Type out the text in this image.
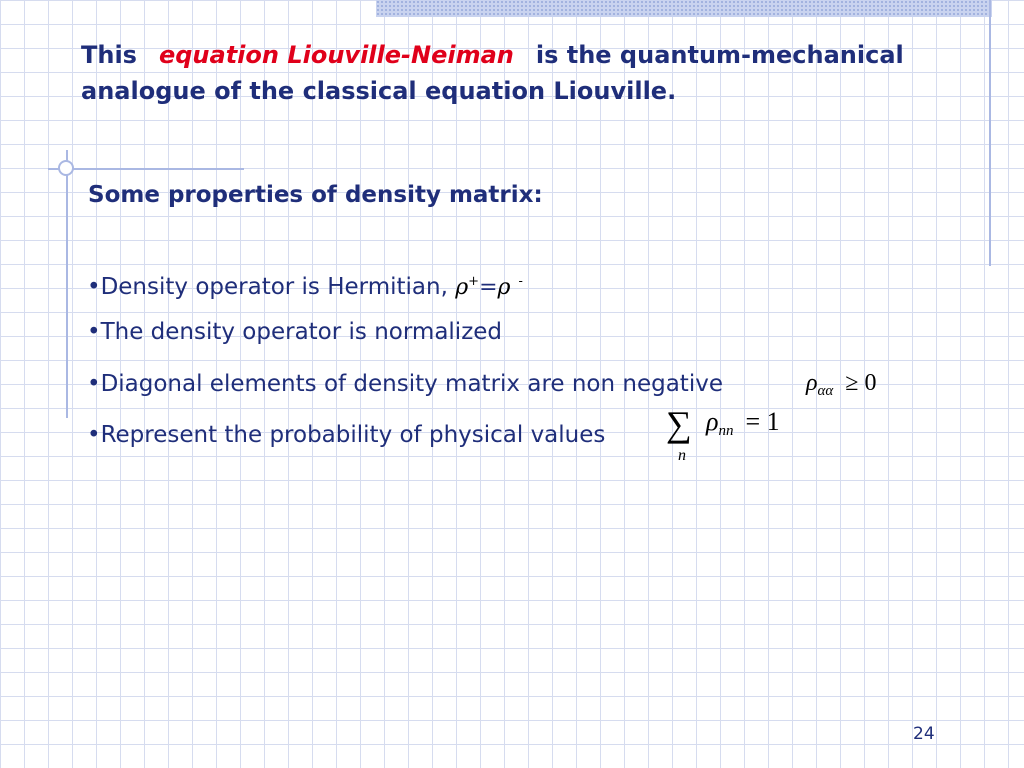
This equation Liouville-Neiman is the quantum-mechanical
analogue of the classical equation Liouville.
Some properties of density matrix:
•Density operator is Hermitian, ρ+=ρ -
•The density operator is normalized
•Diagonal elements of density matrix are non negative	$\rho_{\alpha\alpha} \ge 0$
•Represent the probability of physical values ∑
n
ρnn = 1
24
